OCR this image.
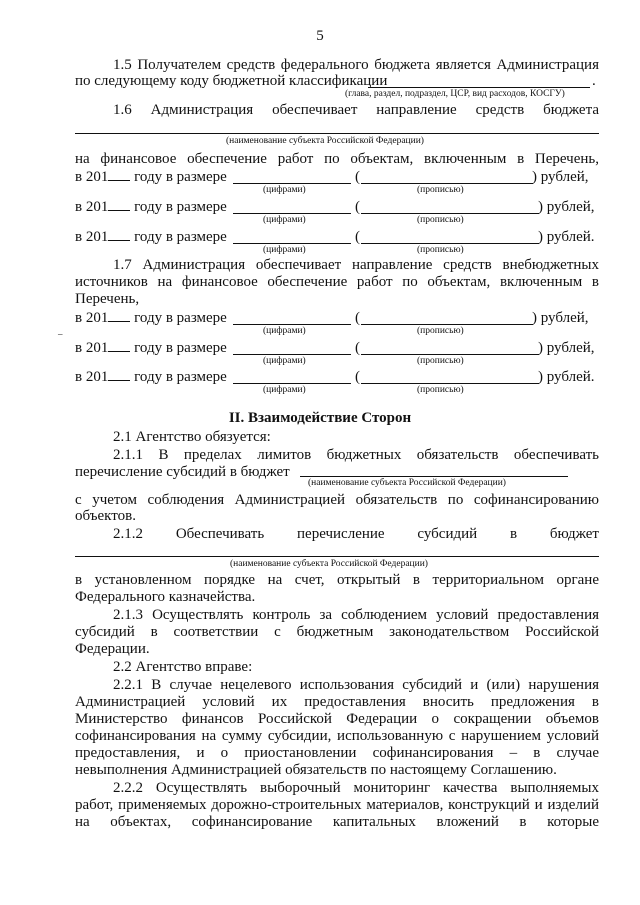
5
1.5 Получателем средств федерального бюджета является Администрация
по следующему коду бюджетной классификации	.
(глава, раздел, подраздел, ЦСР, вид расходов, КОСГУ)
1.6 Администрация обеспечивает направление средств бюджета
(наименование субъекта Российской Федерации)
на финансовое обеспечение работ по объектам, включенным в Перечень,
в 201 году в размере	(	) рублей,
(цифрами)	(прописью)
в 201 году в размере	(	) рублей,
(цифрами)	(прописью)
в 201 году в размере	(	) рублей.
(цифрами)	(прописью)
1.7 Администрация обеспечивает направление средств внебюджетных
источников на финансовое обеспечение работ по объектам, включенным в
Перечень,
–
в 201 году в размере	(	) рублей,
(цифрами)	(прописью)
в 201 году в размере	(	) рублей,
(цифрами)	(прописью)
в 201 году в размере	(	) рублей.
(цифрами)	(прописью)
II. Взаимодействие Сторон
2.1 Агентство обязуется:
2.1.1 В пределах лимитов бюджетных обязательств обеспечивать
перечисление субсидий в бюджет
(наименование субъекта Российской Федерации)
с учетом соблюдения Администрацией обязательств по софинансированию
объектов.
2.1.2 Обеспечивать перечисление субсидий в бюджет
(наименование субъекта Российской Федерации)
в установленном порядке на счет, открытый в территориальном органе
Федерального казначейства.
2.1.3 Осуществлять контроль за соблюдением условий предоставления
субсидий в соответствии с бюджетным законодательством Российской
Федерации.
2.2 Агентство вправе:
2.2.1 В случае нецелевого использования субсидий и (или) нарушения
Администрацией условий их предоставления вносить предложения в
Министерство финансов Российской Федерации о сокращении объемов
софинансирования на сумму субсидии, использованную с нарушением условий
предоставления, и о приостановлении софинансирования – в случае
невыполнения Администрацией обязательств по настоящему Соглашению.
2.2.2 Осуществлять выборочный мониторинг качества выполняемых
работ, применяемых дорожно-строительных материалов, конструкций и изделий
на объектах, софинансирование капитальных вложений в которые
